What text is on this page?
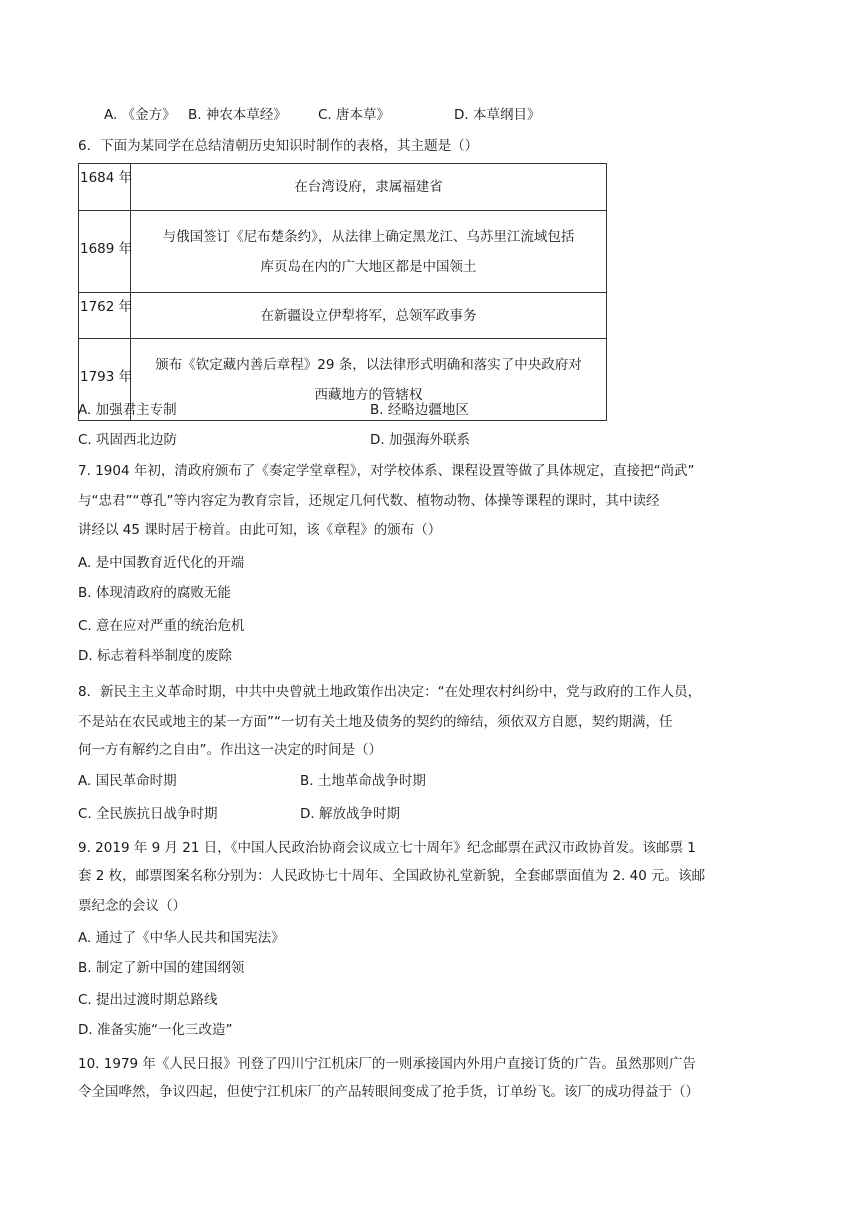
A. 《金方》 B. 神农本草经》 C. 唐本草》	D. 本草纲目》
6．下面为某同学在总结清朝历史知识时制作的表格，其主题是（）
1684 年	在台湾设府，隶属福建省
1689 年	与俄国签订《尼布楚条约》，从法律上确定黑龙江、乌苏里江流域包括
库页岛在内的广大地区都是中国领土
1762 年	在新疆设立伊犁将军，总领军政事务
1793 年	颁布《钦定藏内善后章程》29 条，以法律形式明确和落实了中央政府对
西藏地方的管辖权
A. 加强君主专制	B. 经略边疆地区
C. 巩固西北边防	D. 加强海外联系
7. 1904 年初，清政府颁布了《奏定学堂章程》，对学校体系、课程设置等做了具体规定，直接把“尚武”
与“忠君”“尊孔”等内容定为教育宗旨，还规定几何代数、植物动物、体操等课程的课时，其中读经
讲经以 45 课时居于榜首。由此可知，该《章程》的颁布（）
A. 是中国教育近代化的开端
B. 体现清政府的腐败无能
C. 意在应对严重的统治危机
D. 标志着科举制度的废除
8．新民主主义革命时期，中共中央曾就土地政策作出决定：“在处理农村纠纷中，党与政府的工作人员，
不是站在农民或地主的某一方面”“一切有关土地及债务的契约的缔结，须依双方自愿，契约期满，任
何一方有解约之自由”。作出这一决定的时间是（）
A. 国民革命时期	B. 土地革命战争时期
C. 全民族抗日战争时期	D. 解放战争时期
9. 2019 年 9 月 21 日，《中国人民政治协商会议成立七十周年》纪念邮票在武汉市政协首发。该邮票 1
套 2 枚，邮票图案名称分别为：人民政协七十周年、全国政协礼堂新貌，全套邮票面值为 2. 40 元。该邮
票纪念的会议（）
A. 通过了《中华人民共和国宪法》
B. 制定了新中国的建国纲领
C. 提出过渡时期总路线
D. 准备实施“一化三改造”
10. 1979 年《人民日报》刊登了四川宁江机床厂的一则承接国内外用户直接订货的广告。虽然那则广告
令全国哗然，争议四起，但使宁江机床厂的产品转眼间变成了抢手货，订单纷飞。该厂的成功得益于（）
